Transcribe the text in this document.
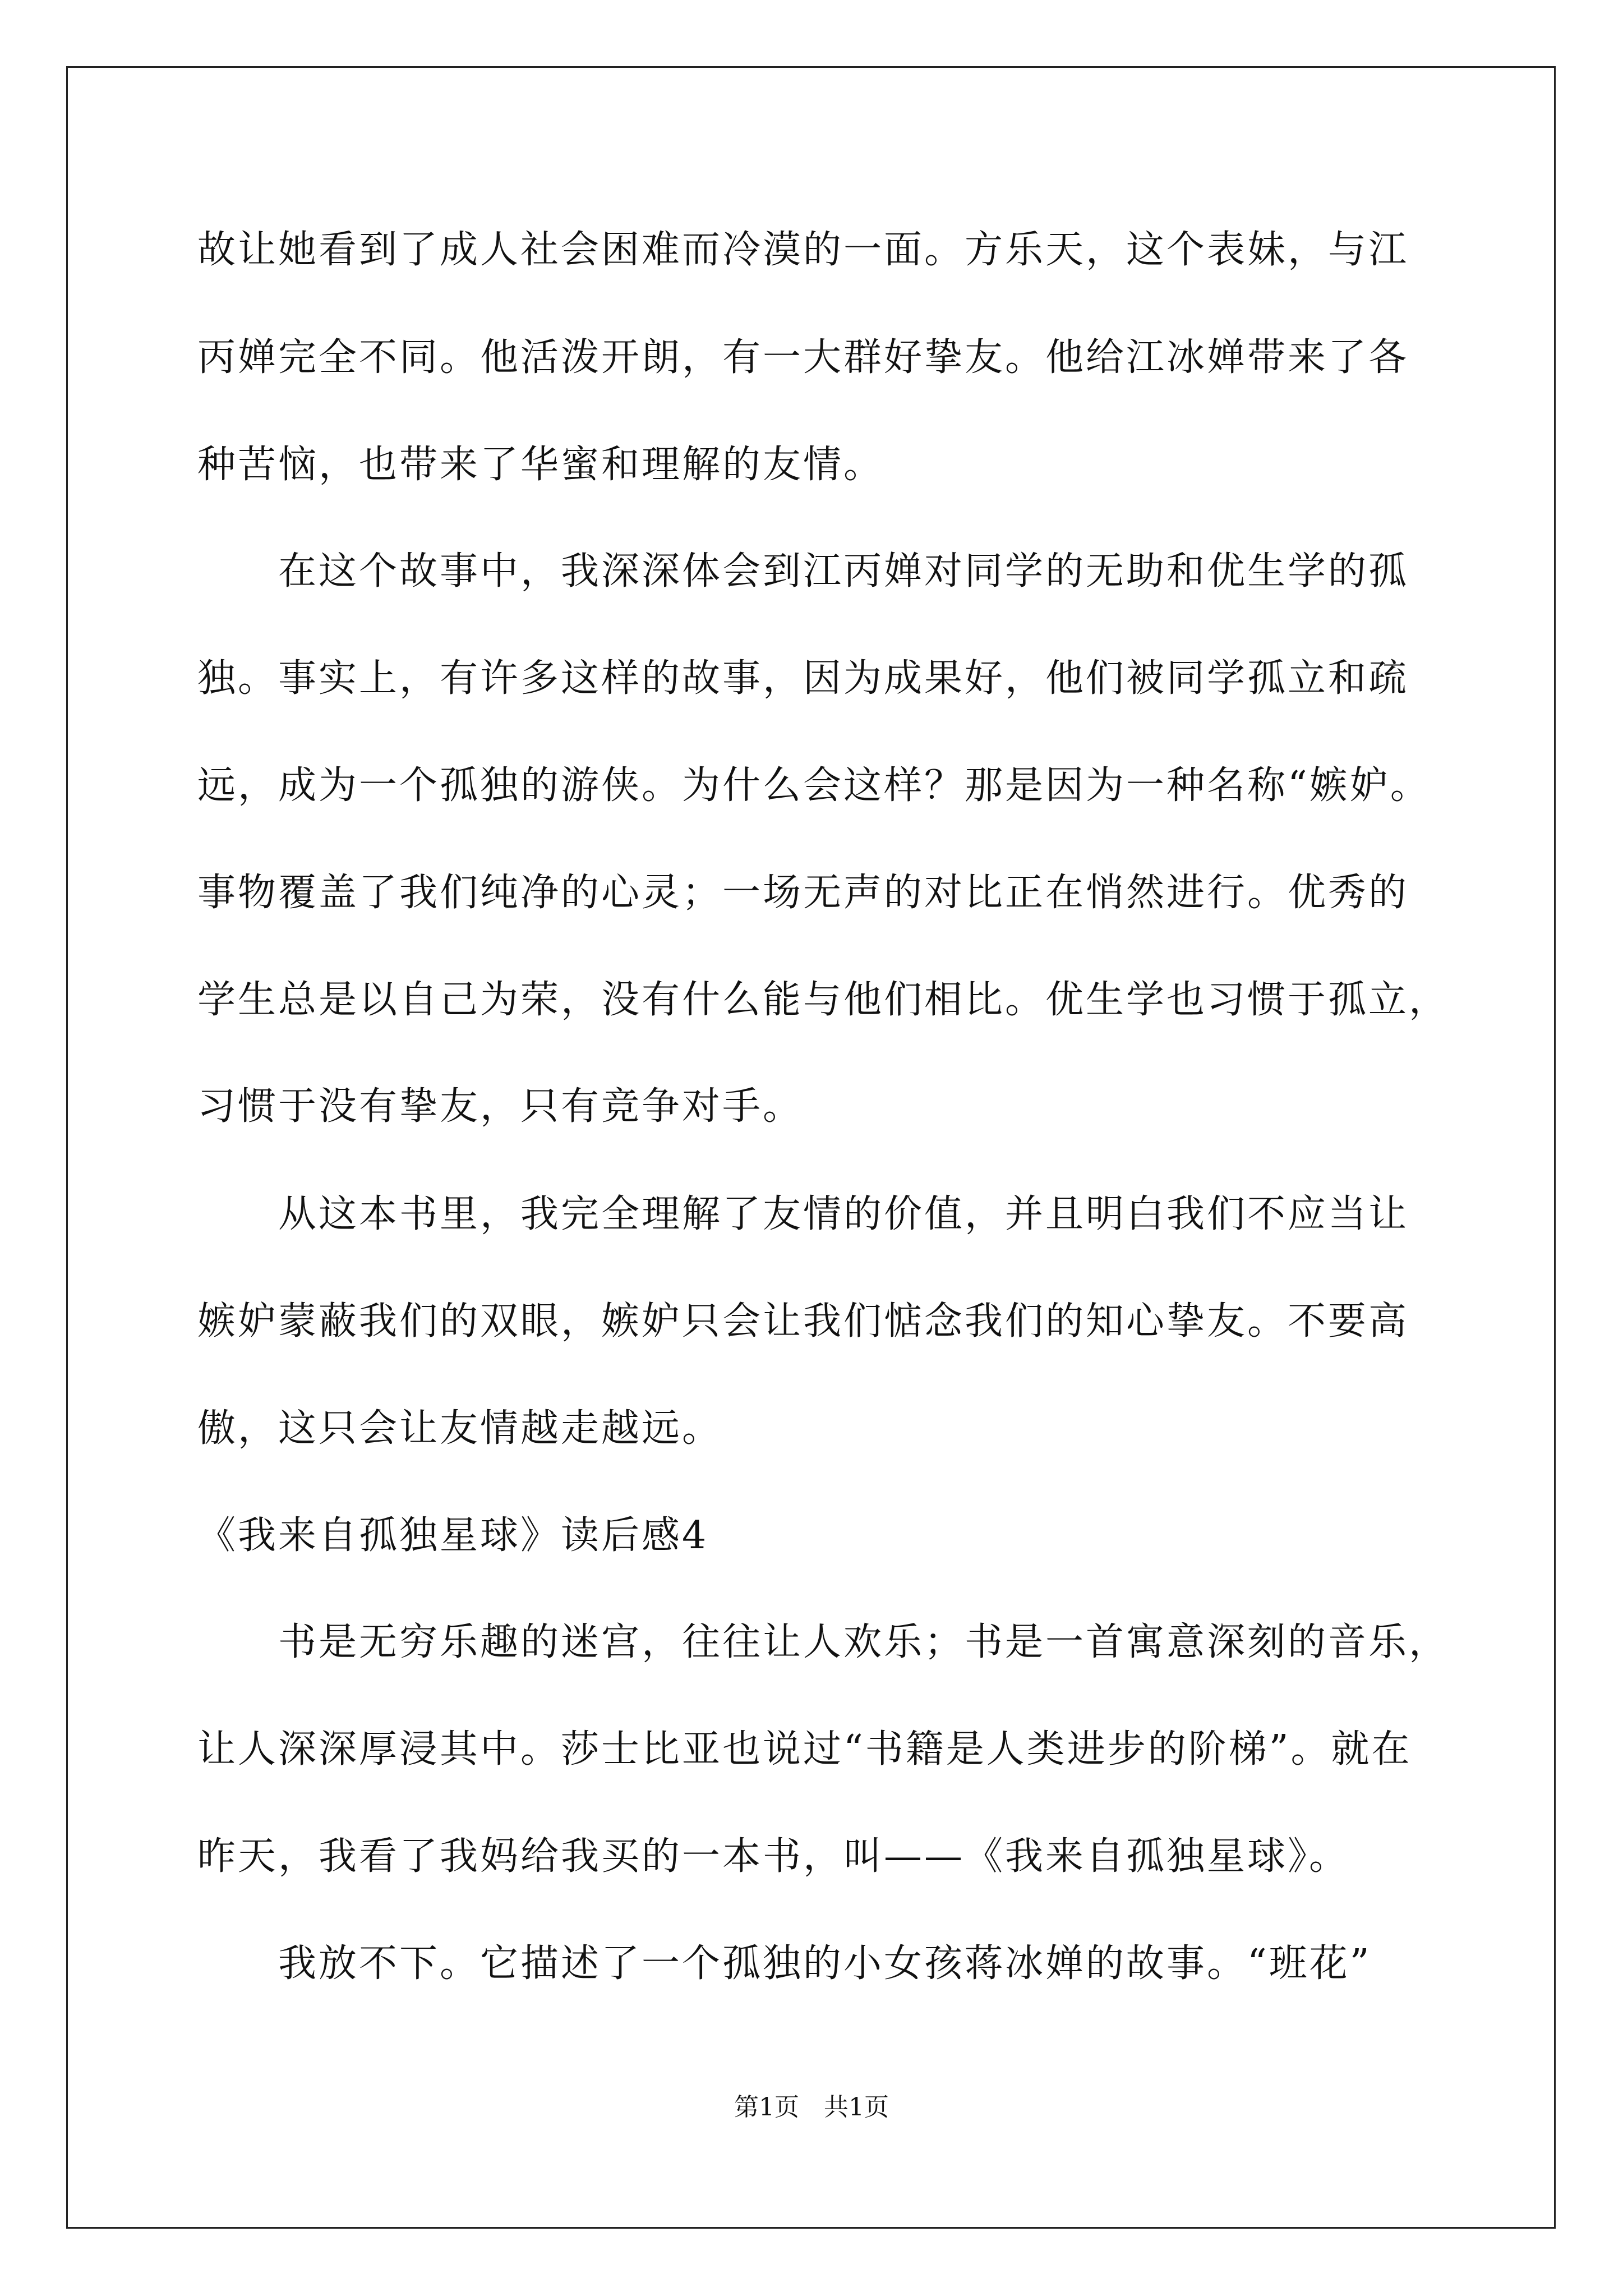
故让她看到了成人社会困难而冷漠的一面。方乐天，这个表妹，与江
丙婵完全不同。他活泼开朗，有一大群好挚友。他给江冰婵带来了各
种苦恼，也带来了华蜜和理解的友情。
　　在这个故事中，我深深体会到江丙婵对同学的无助和优生学的孤
独。事实上，有许多这样的故事，因为成果好，他们被同学孤立和疏
远，成为一个孤独的游侠。为什么会这样？那是因为一种名称“嫉妒。
事物覆盖了我们纯净的心灵；一场无声的对比正在悄然进行。优秀的
学生总是以自己为荣，没有什么能与他们相比。优生学也习惯于孤立，
习惯于没有挚友，只有竞争对手。
　　从这本书里，我完全理解了友情的价值，并且明白我们不应当让
嫉妒蒙蔽我们的双眼，嫉妒只会让我们惦念我们的知心挚友。不要高
傲，这只会让友情越走越远。
《我来自孤独星球》读后感4
　　书是无穷乐趣的迷宫，往往让人欢乐；书是一首寓意深刻的音乐，
让人深深厚浸其中。莎士比亚也说过“书籍是人类进步的阶梯”。就在
昨天，我看了我妈给我买的一本书，叫——《我来自孤独星球》。
　　我放不下。它描述了一个孤独的小女孩蒋冰婵的故事。“班花”
第1页　共1页
